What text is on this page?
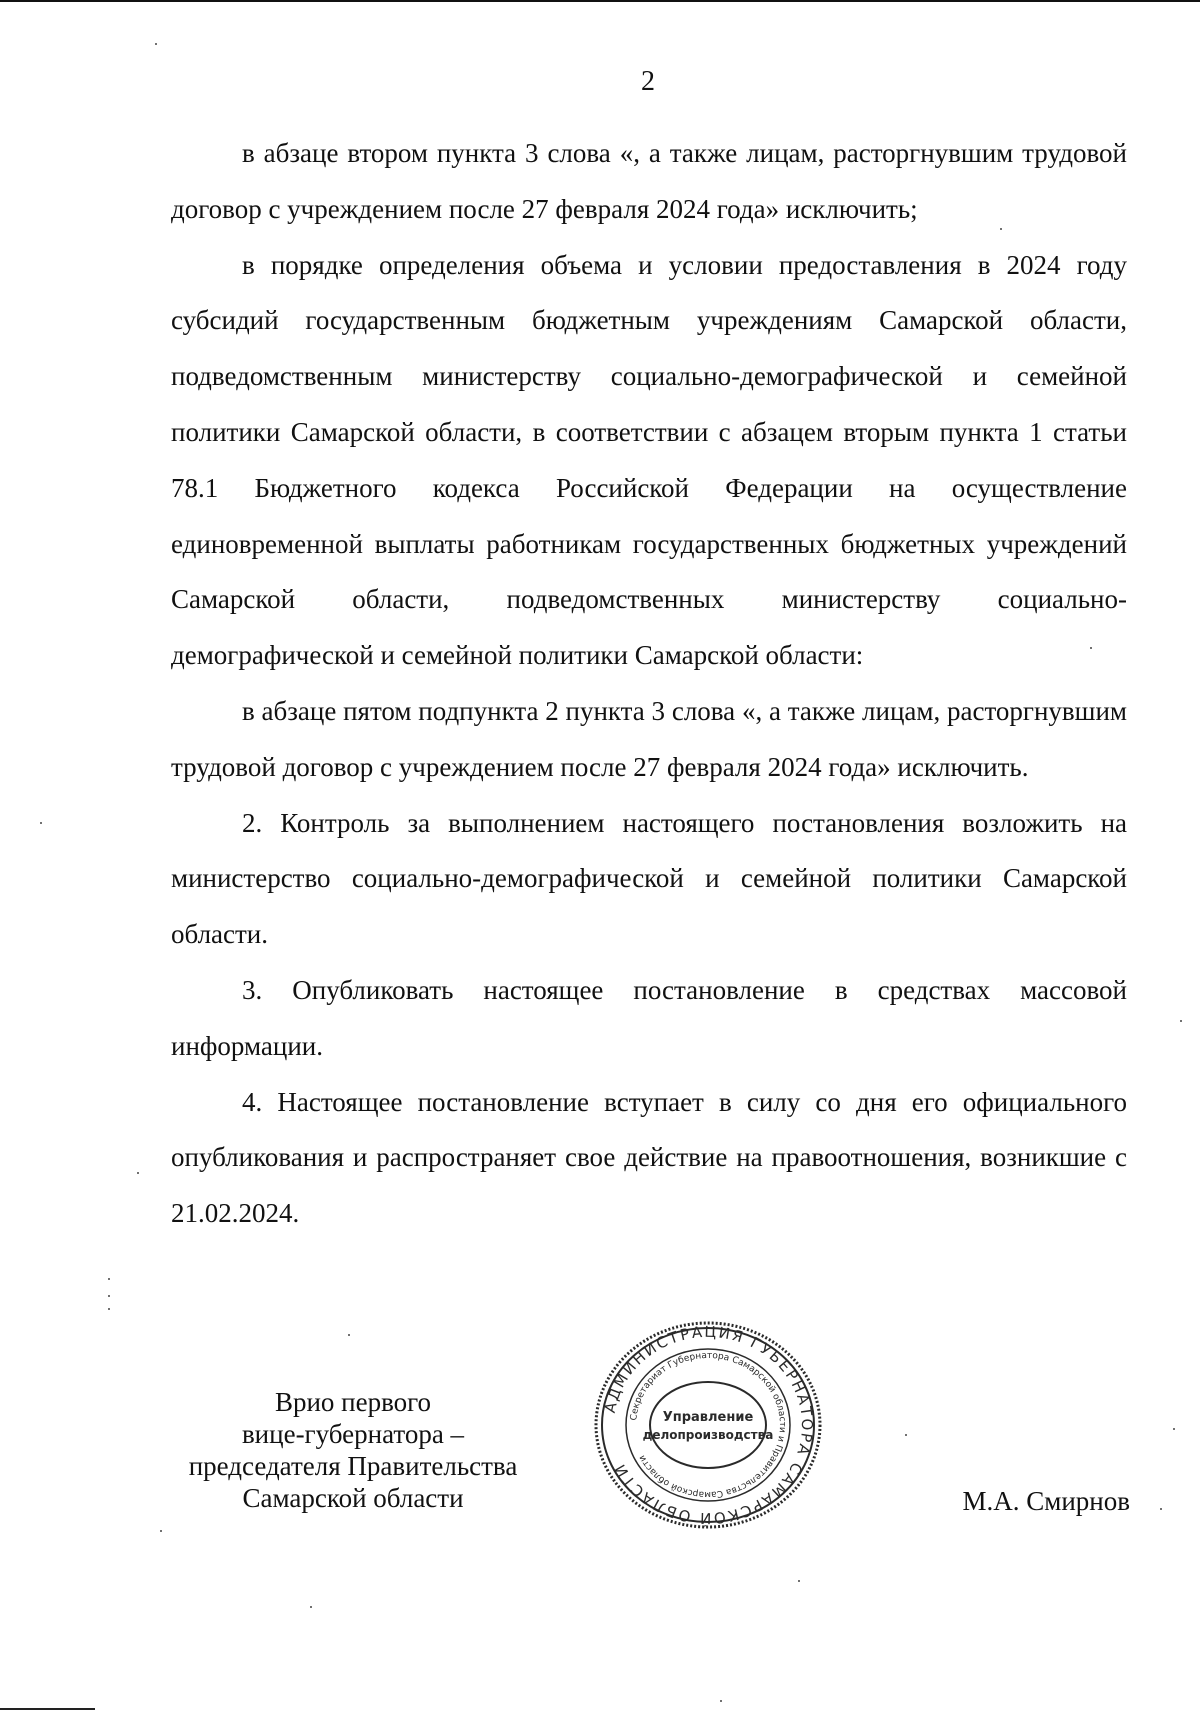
2

в абзаце втором пункта 3 слова «, а также лицам, расторгнувшим трудовой договор с учреждением после 27 февраля 2024 года» исключить;

в порядке определения объема и условии предоставления в 2024 году субсидий государственным бюджетным учреждениям Самарской области, подведомственным министерству социально-демографической и семейной политики Самарской области, в соответствии с абзацем вторым пункта 1 статьи 78.1 Бюджетного кодекса Российской Федерации на осуществление единовременной выплаты работникам государственных бюджетных учреждений Самарской области, подведомственных министерству социально-демографической и семейной политики Самарской области:

в абзаце пятом подпункта 2 пункта 3 слова «, а также лицам, расторгнувшим трудовой договор с учреждением после 27 февраля 2024 года» исключить.

2. Контроль за выполнением настоящего постановления возложить на министерство социально-демографической и семейной политики Самарской области.

3. Опубликовать настоящее постановление в средствах массовой информации.

4. Настоящее постановление вступает в силу со дня его официального опубликования и распространяет свое действие на правоотношения, возникшие с 21.02.2024.

Врио первого
вице-губернатора –
председателя Правительства
Самарской области
АДМИНИСТРАЦИЯ ГУБЕРНАТОРА САМАРСКОЙ ОБЛАСТИ
Секретариат Губернатора Самарской области и Правительства Самарской области
Управление
делопроизводства
М.А. Смирнов
